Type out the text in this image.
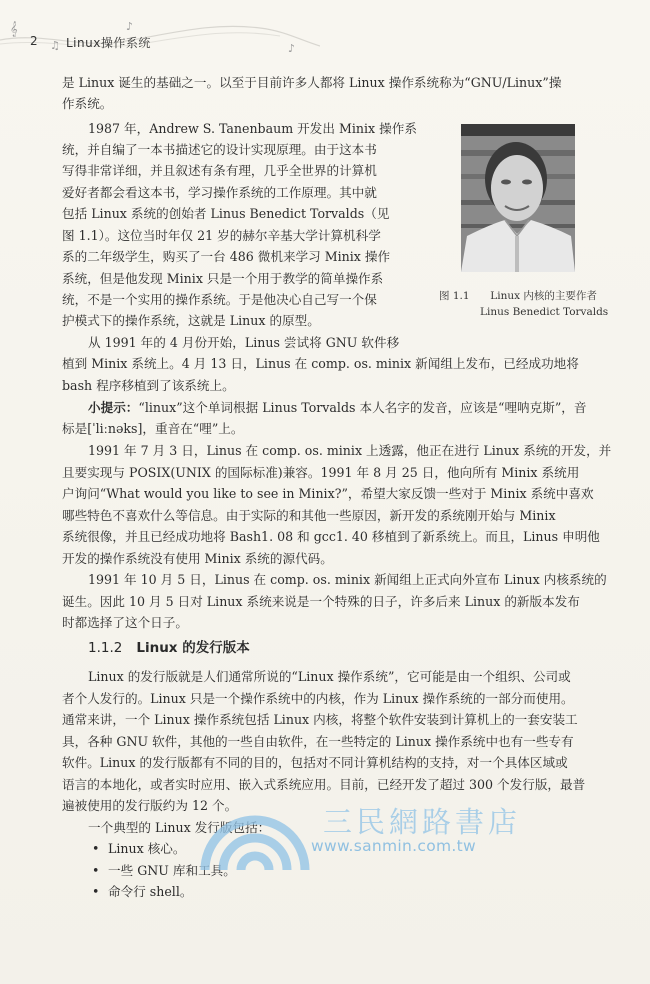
𝄞
2 ♫ Linux操作系统
♪
♪
是 Linux 诞生的基础之一。以至于目前许多人都将 Linux 操作系统称为“GNU/Linux”操
作系统。
1987 年，Andrew S. Tanenbaum 开发出 Minix 操作系
统，并自编了一本书描述它的设计实现原理。由于这本书
写得非常详细，并且叙述有条有理，几乎全世界的计算机
爱好者都会看这本书，学习操作系统的工作原理。其中就
包括 Linux 系统的创始者 Linus Benedict Torvalds（见
图 1.1）。这位当时年仅 21 岁的赫尔辛基大学计算机科学
系的二年级学生，购买了一台 486 微机来学习 Minix 操作
系统，但是他发现 Minix 只是一个用于教学的简单操作系
统，不是一个实用的操作系统。于是他决心自己写一个保
护模式下的操作系统，这就是 Linux 的原型。
图 1.1 Linux 内核的主要作者
Linus Benedict Torvalds
从 1991 年的 4 月份开始，Linus 尝试将 GNU 软件移
植到 Minix 系统上。4 月 13 日，Linus 在 comp. os. minix 新闻组上发布，已经成功地将
bash 程序移植到了该系统上。
小提示：“linux”这个单词根据 Linus Torvalds 本人名字的发音，应该是“哩呐克斯”，音
标是[ˈliːnəks]，重音在“哩”上。
1991 年 7 月 3 日，Linus 在 comp. os. minix 上透露，他正在进行 Linux 系统的开发，并
且要实现与 POSIX(UNIX 的国际标准)兼容。1991 年 8 月 25 日，他向所有 Minix 系统用
户询问“What would you like to see in Minix?”，希望大家反馈一些对于 Minix 系统中喜欢
哪些特色不喜欢什么等信息。由于实际的和其他一些原因，新开发的系统刚开始与 Minix
系统很像，并且已经成功地将 Bash1. 08 和 gcc1. 40 移植到了新系统上。而且，Linus 申明他
开发的操作系统没有使用 Minix 系统的源代码。
1991 年 10 月 5 日，Linus 在 comp. os. minix 新闻组上正式向外宣布 Linux 内核系统的
诞生。因此 10 月 5 日对 Linux 系统来说是一个特殊的日子，许多后来 Linux 的新版本发布
时都选择了这个日子。
1.1.2 Linux 的发行版本
Linux 的发行版就是人们通常所说的“Linux 操作系统”，它可能是由一个组织、公司或
者个人发行的。Linux 只是一个操作系统中的内核，作为 Linux 操作系统的一部分而使用。
通常来讲，一个 Linux 操作系统包括 Linux 内核，将整个软件安装到计算机上的一套安装工
具，各种 GNU 软件，其他的一些自由软件，在一些特定的 Linux 操作系统中也有一些专有
软件。Linux 的发行版都有不同的目的，包括对不同计算机结构的支持，对一个具体区域或
语言的本地化，或者实时应用、嵌入式系统应用。目前，已经开发了超过 300 个发行版，最普
遍被使用的发行版约为 12 个。
一个典型的 Linux 发行版包括：
• Linux 核心。
• 一些 GNU 库和工具。
• 命令行 shell。
三民網路書店
www.sanmin.com.tw
